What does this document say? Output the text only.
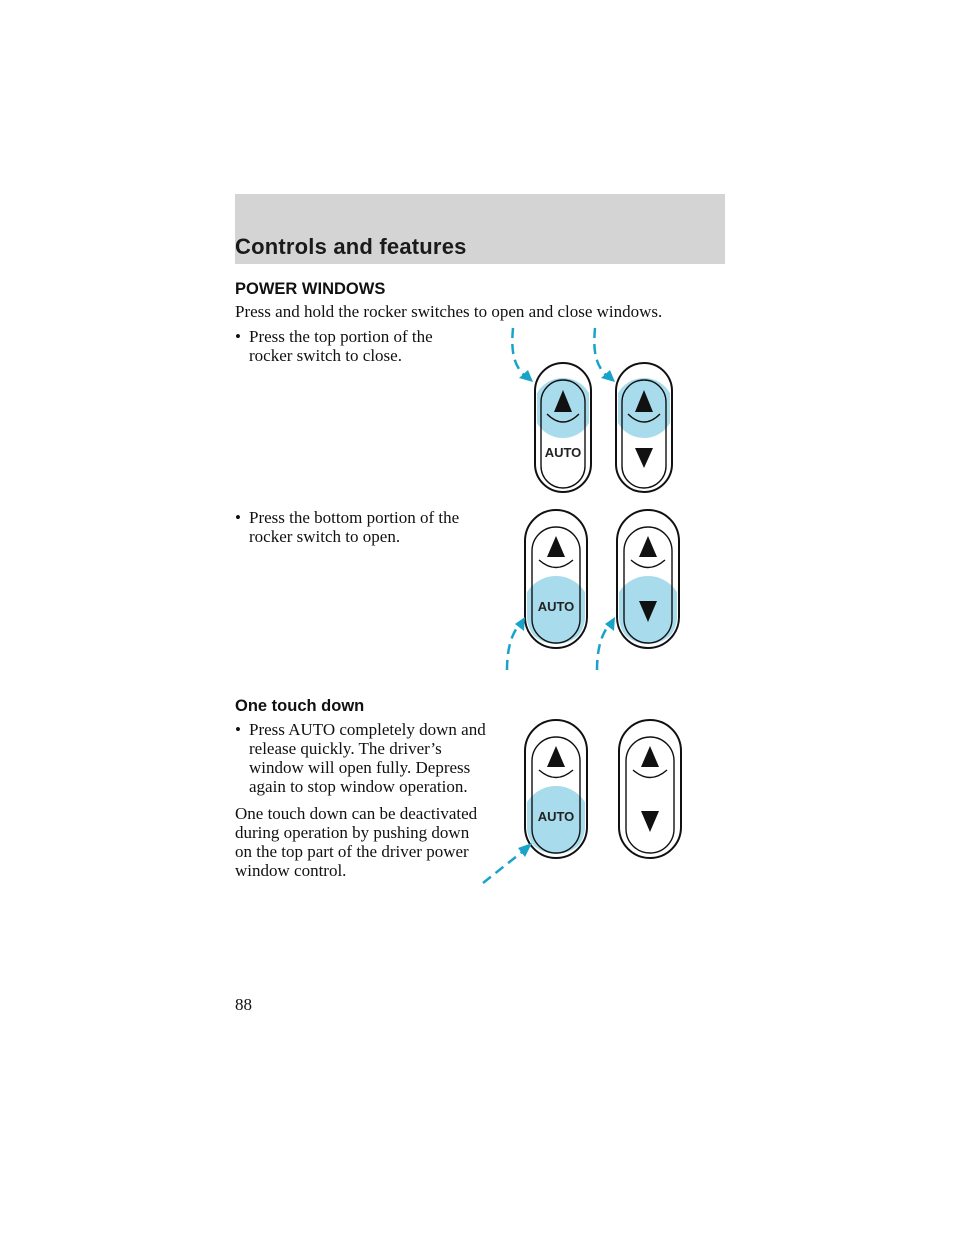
Controls and features
POWER WINDOWS

Press and hold the rocker switches to open and close windows.

• Press the top portion of the
rocker switch to close.
• Press the bottom portion of the
rocker switch to open.
One touch down
• Press AUTO completely down and
release quickly. The driver’s
window will open fully. Depress
again to stop window operation.
One touch down can be deactivated
during operation by pushing down
on the top part of the driver power
window control.
AUTO
AUTO
AUTO
88
